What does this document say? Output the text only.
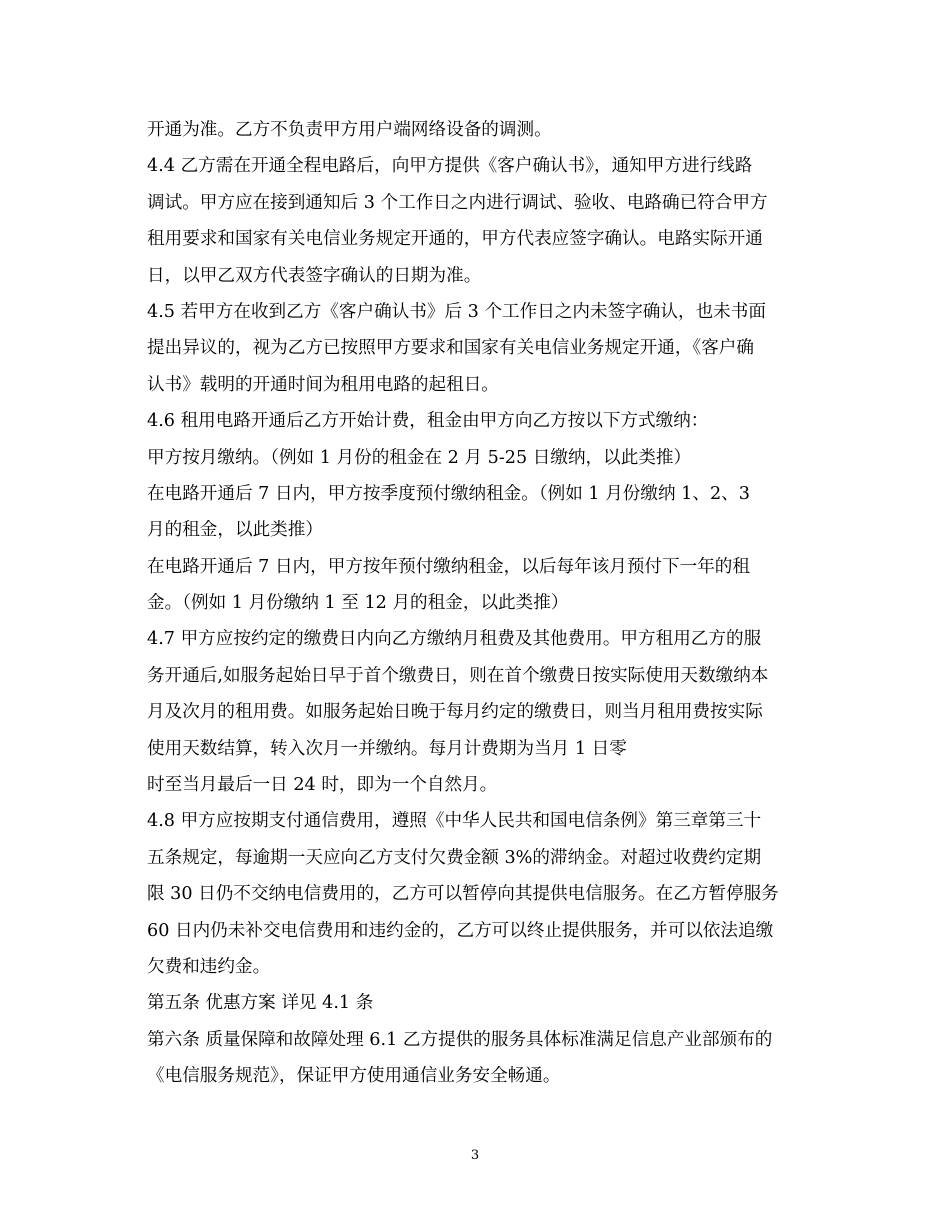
开通为准。乙方不负责甲方用户端网络设备的调测。
4.4 乙方需在开通全程电路后，向甲方提供《客户确认书》，通知甲方进行线路
调试。甲方应在接到通知后 3 个工作日之内进行调试、验收、电路确已符合甲方
租用要求和国家有关电信业务规定开通的，甲方代表应签字确认。电路实际开通
日，以甲乙双方代表签字确认的日期为准。
4.5 若甲方在收到乙方《客户确认书》后 3 个工作日之内未签字确认，也未书面
提出异议的，视为乙方已按照甲方要求和国家有关电信业务规定开通，《客户确
认书》载明的开通时间为租用电路的起租日。
4.6 租用电路开通后乙方开始计费，租金由甲方向乙方按以下方式缴纳：
甲方按月缴纳。（例如 1 月份的租金在 2 月 5-25 日缴纳，以此类推）
在电路开通后 7 日内，甲方按季度预付缴纳租金。（例如 1 月份缴纳 1、2、3
月的租金，以此类推）
在电路开通后 7 日内，甲方按年预付缴纳租金，以后每年该月预付下一年的租
金。（例如 1 月份缴纳 1 至 12 月的租金，以此类推）
4.7 甲方应按约定的缴费日内向乙方缴纳月租费及其他费用。甲方租用乙方的服
务开通后,如服务起始日早于首个缴费日，则在首个缴费日按实际使用天数缴纳本
月及次月的租用费。如服务起始日晚于每月约定的缴费日，则当月租用费按实际
使用天数结算，转入次月一并缴纳。每月计费期为当月 1 日零
时至当月最后一日 24 时，即为一个自然月。
4.8 甲方应按期支付通信费用，遵照《中华人民共和国电信条例》第三章第三十
五条规定，每逾期一天应向乙方支付欠费金额 3%的滞纳金。对超过收费约定期
限 30 日仍不交纳电信费用的，乙方可以暂停向其提供电信服务。在乙方暂停服务
60 日内仍未补交电信费用和违约金的，乙方可以终止提供服务，并可以依法追缴
欠费和违约金。
第五条 优惠方案 详见 4.1 条
第六条 质量保障和故障处理 6.1 乙方提供的服务具体标准满足信息产业部颁布的
《电信服务规范》，保证甲方使用通信业务安全畅通。
3
